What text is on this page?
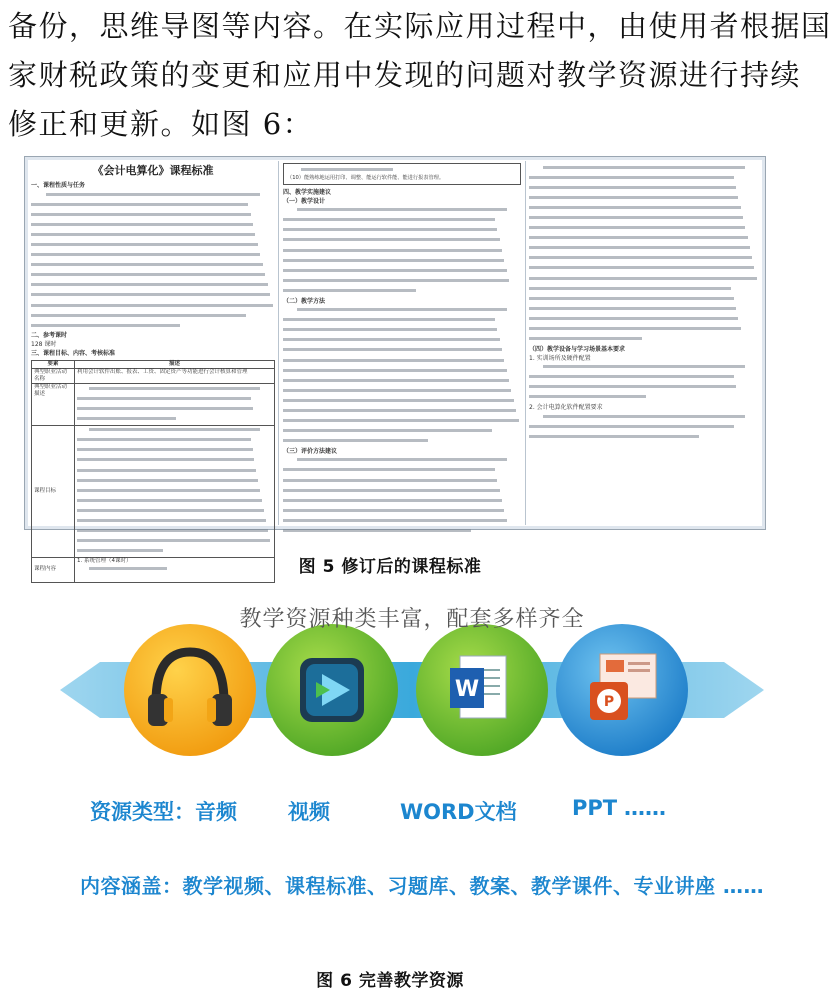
备份，思维导图等内容。在实际应用过程中，由使用者根据国

家财税政策的变更和应用中发现的问题对教学资源进行持续

修正和更新。如图 6：

《会计电算化》课程标准
一、课程性质与任务
二、参考课时
128 课时
三、课程目标、内容、考核标准
要素	描述
典型职业活动名称	利用会计软件出账、报表、工资、固定资产等功能进行会计核算和管理
典型职业活动描述	

课程目标	

课程内容	1. 系统管理（4课时）
（10）能熟练地运用打印、调整、能运行软件能、能进行报表管理。
四、教学实施建议
（一）教学设计
（二）教学方法
（三）评价方法建议
（四）教学设备与学习场景基本要求
1. 实训场所及硬件配置
2. 会计电算化软件配置要求
图 5 修订后的课程标准
W	P
教学资源种类丰富，配套多样齐全
资源类型：音频 视频	WORD文档	PPT ……
内容涵盖：教学视频、课程标准、习题库、教案、教学课件、专业讲座 ……
图 6 完善教学资源
